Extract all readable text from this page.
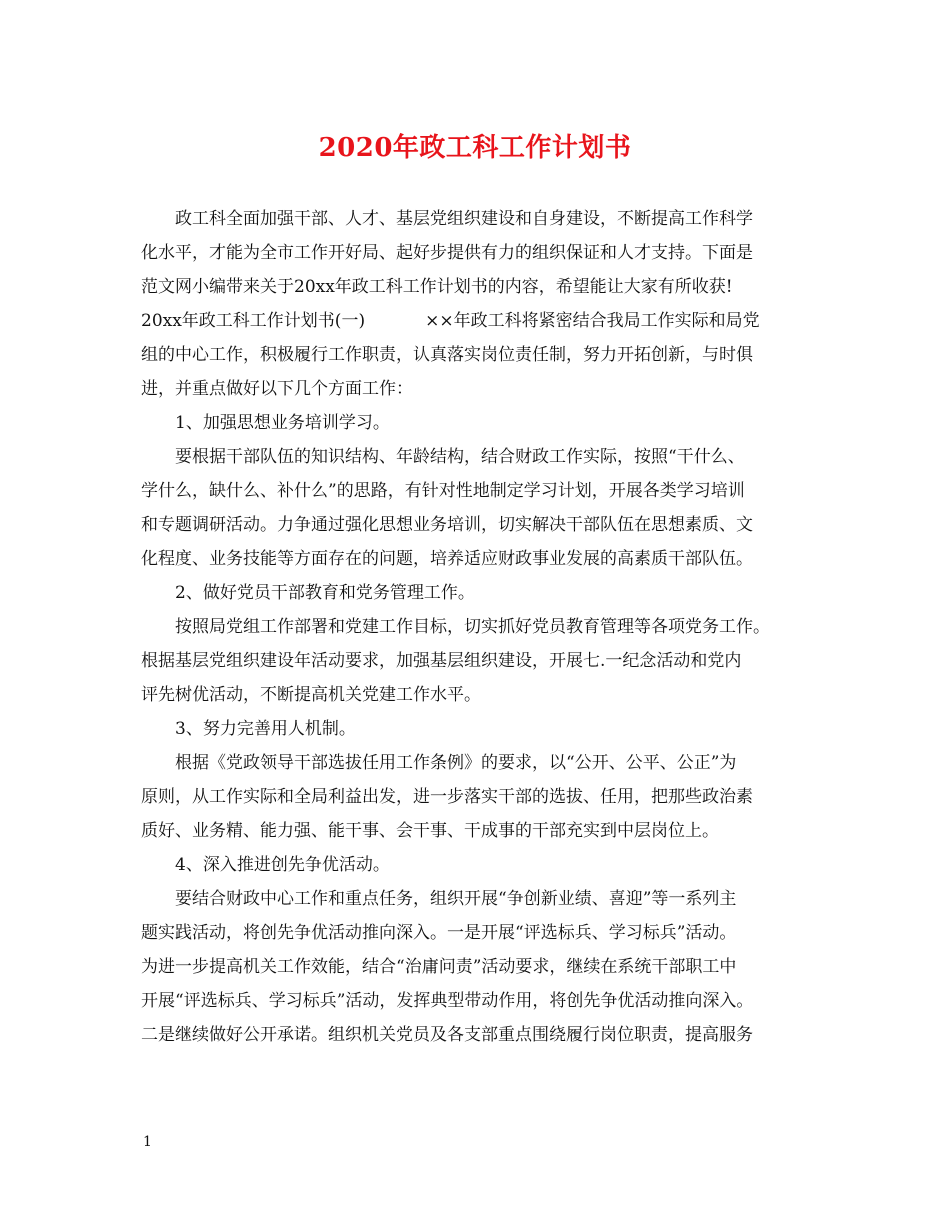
2020年政工科工作计划书
政工科全面加强干部、人才、基层党组织建设和自身建设，不断提高工作科学
化水平，才能为全市工作开好局、起好步提供有力的组织保证和人才支持。下面是
范文网小编带来关于20xx年政工科工作计划书的内容，希望能让大家有所收获!
20xx年政工科工作计划书(一)	××年政工科将紧密结合我局工作实际和局党
组的中心工作，积极履行工作职责，认真落实岗位责任制，努力开拓创新，与时俱
进，并重点做好以下几个方面工作：
1、加强思想业务培训学习。
要根据干部队伍的知识结构、年龄结构，结合财政工作实际，按照“干什么、
学什么，缺什么、补什么”的思路，有针对性地制定学习计划，开展各类学习培训
和专题调研活动。力争通过强化思想业务培训，切实解决干部队伍在思想素质、文
化程度、业务技能等方面存在的问题，培养适应财政事业发展的高素质干部队伍。
2、做好党员干部教育和党务管理工作。
按照局党组工作部署和党建工作目标，切实抓好党员教育管理等各项党务工作。
根据基层党组织建设年活动要求，加强基层组织建设，开展七.一纪念活动和党内
评先树优活动，不断提高机关党建工作水平。
3、努力完善用人机制。
根据《党政领导干部选拔任用工作条例》的要求，以“公开、公平、公正”为
原则，从工作实际和全局利益出发，进一步落实干部的选拔、任用，把那些政治素
质好、业务精、能力强、能干事、会干事、干成事的干部充实到中层岗位上。
4、深入推进创先争优活动。
要结合财政中心工作和重点任务，组织开展“争创新业绩、喜迎”等一系列主
题实践活动，将创先争优活动推向深入。一是开展“评选标兵、学习标兵”活动。
为进一步提高机关工作效能，结合“治庸问责”活动要求，继续在系统干部职工中
开展“评选标兵、学习标兵”活动，发挥典型带动作用，将创先争优活动推向深入。
二是继续做好公开承诺。组织机关党员及各支部重点围绕履行岗位职责，提高服务
1
